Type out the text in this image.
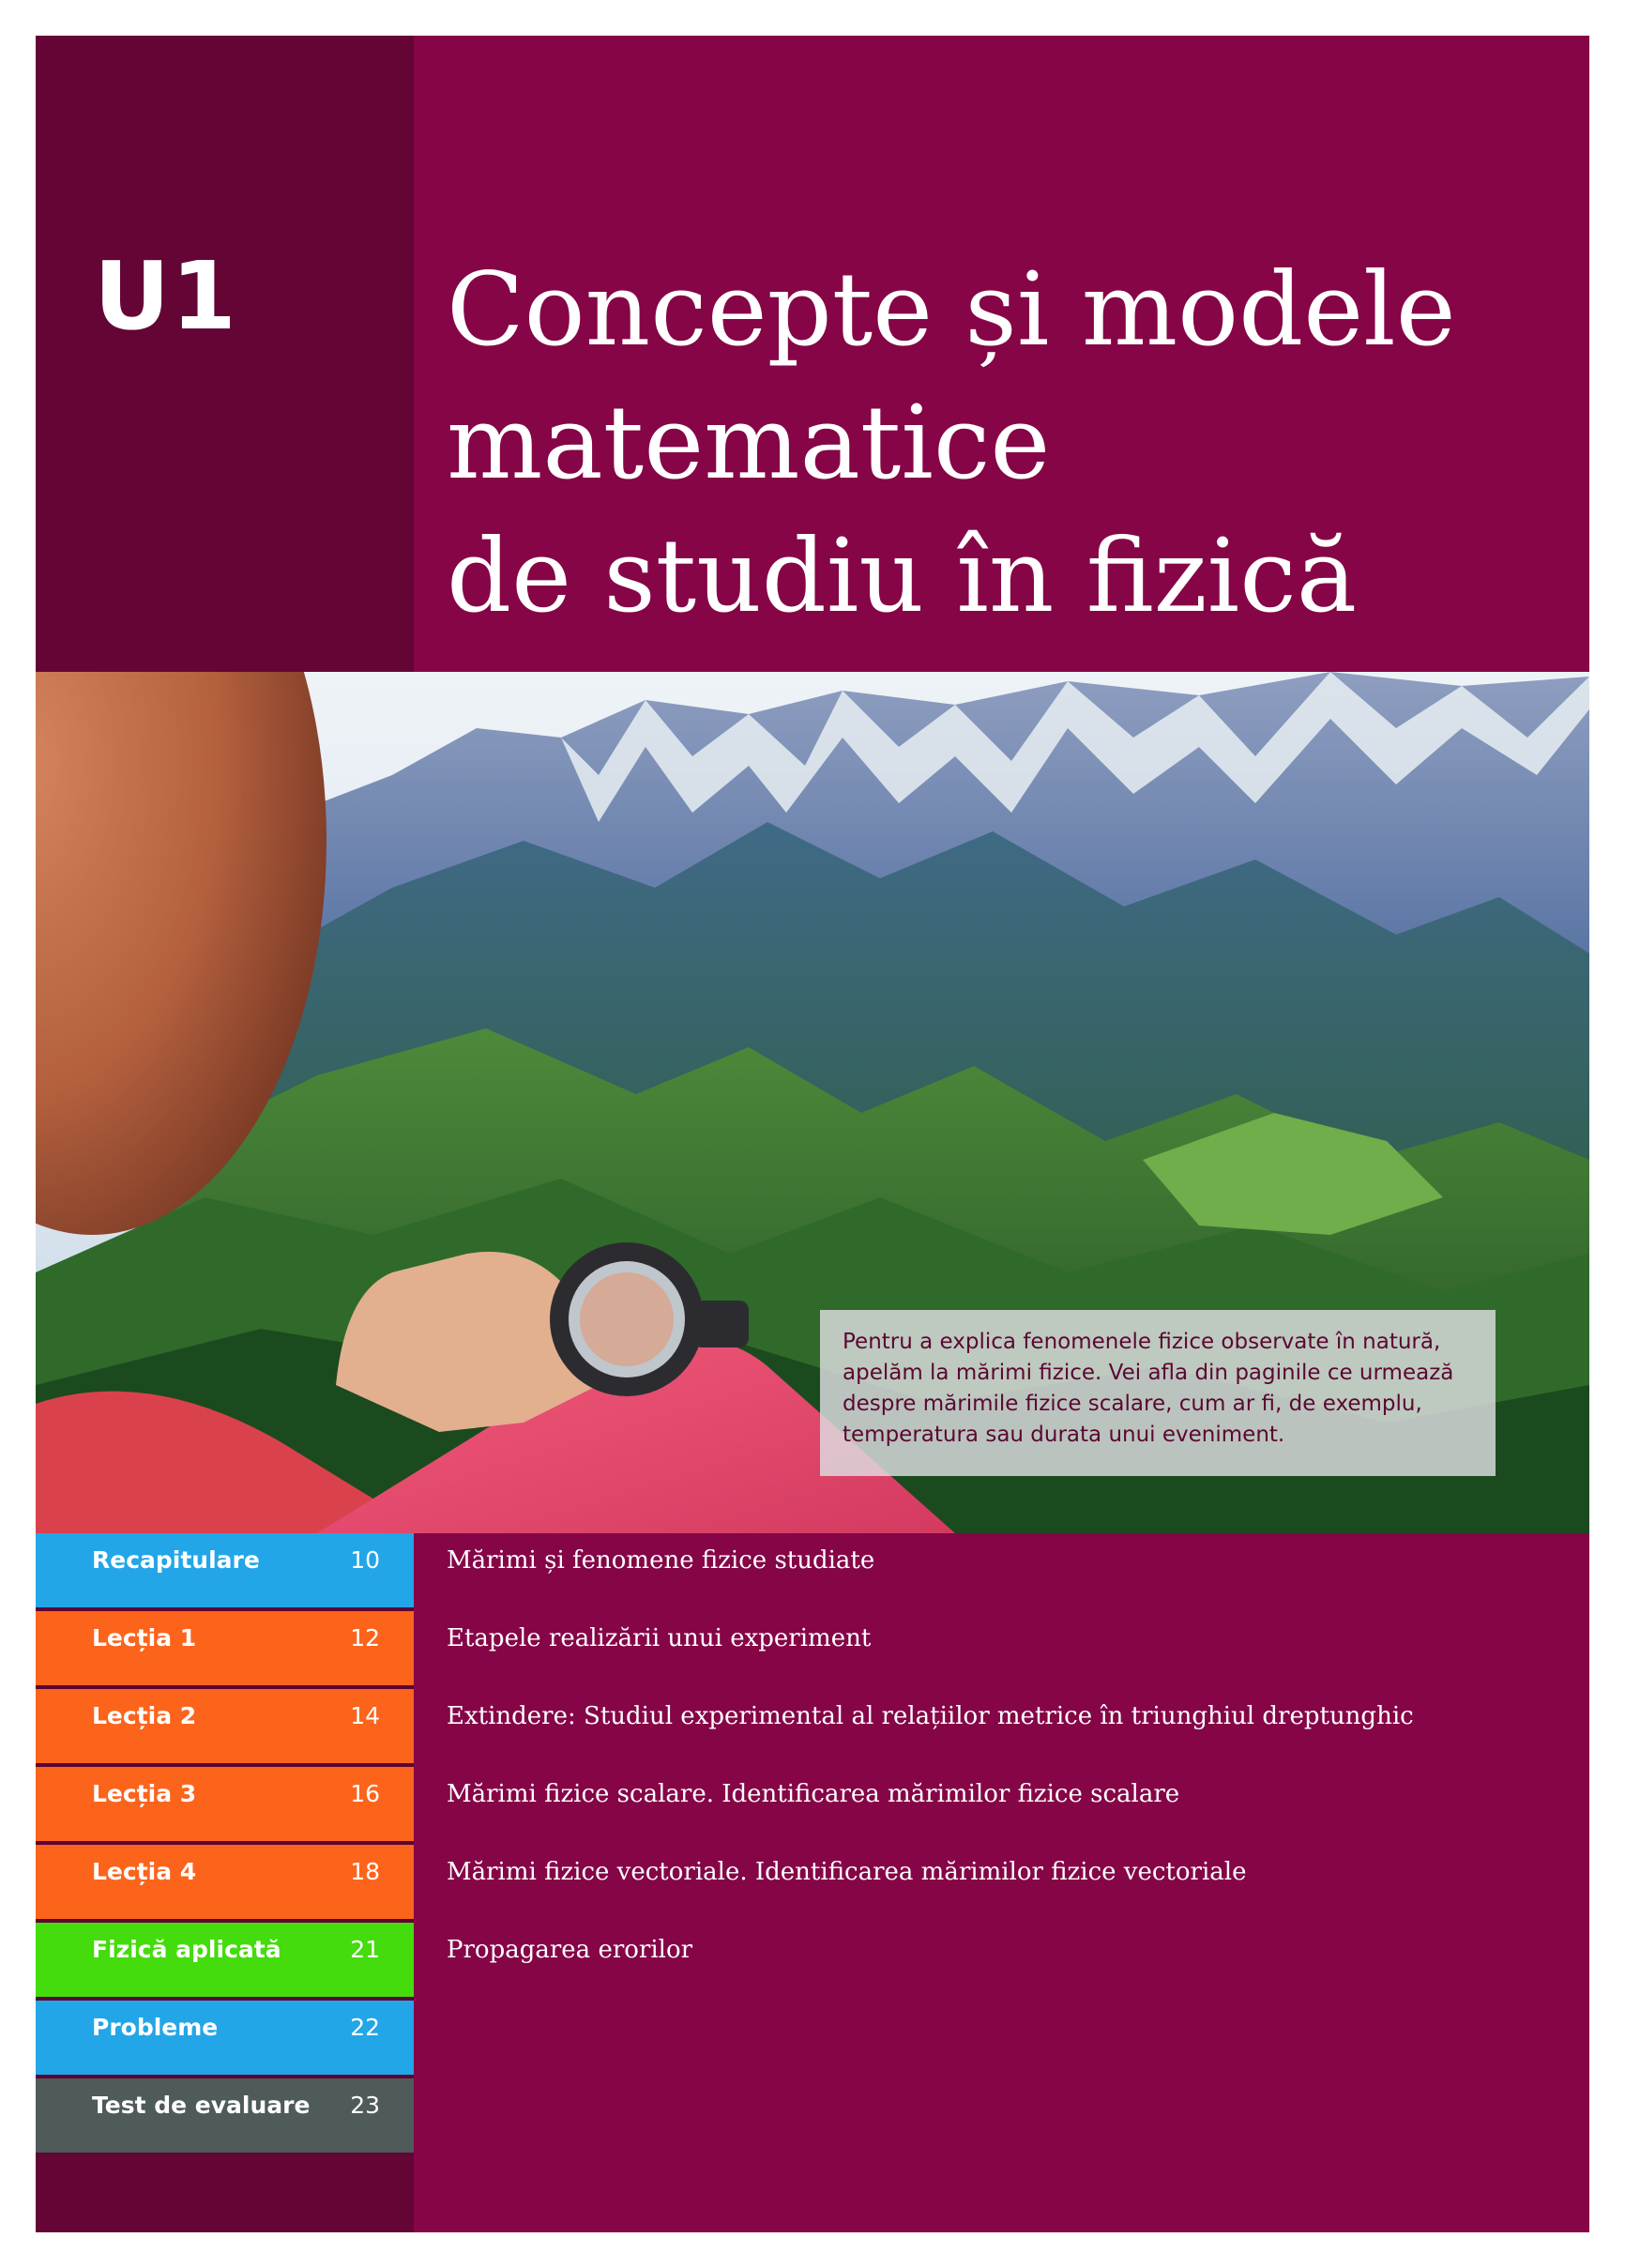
U1 Concepte și modele
matematice
de studiu în fizică
Pentru a explica fenomenele fizice observate în natură, apelăm la mărimi fizice. Vei afla din paginile ce urmează despre mărimile fizice scalare, cum ar fi, de exemplu, temperatura sau durata unui eveniment.
Recapitulare	10	Mărimi și fenomene fizice studiate
Lecția 1	12	Etapele realizării unui experiment
Lecția 2	14	Extindere: Studiul experimental al relațiilor metrice în triunghiul dreptunghic
Lecția 3	16	Mărimi fizice scalare. Identificarea mărimilor fizice scalare
Lecția 4	18	Mărimi fizice vectoriale. Identificarea mărimilor fizice vectoriale
Fizică aplicată	21	Propagarea erorilor
Probleme	22
Test de evaluare 23
